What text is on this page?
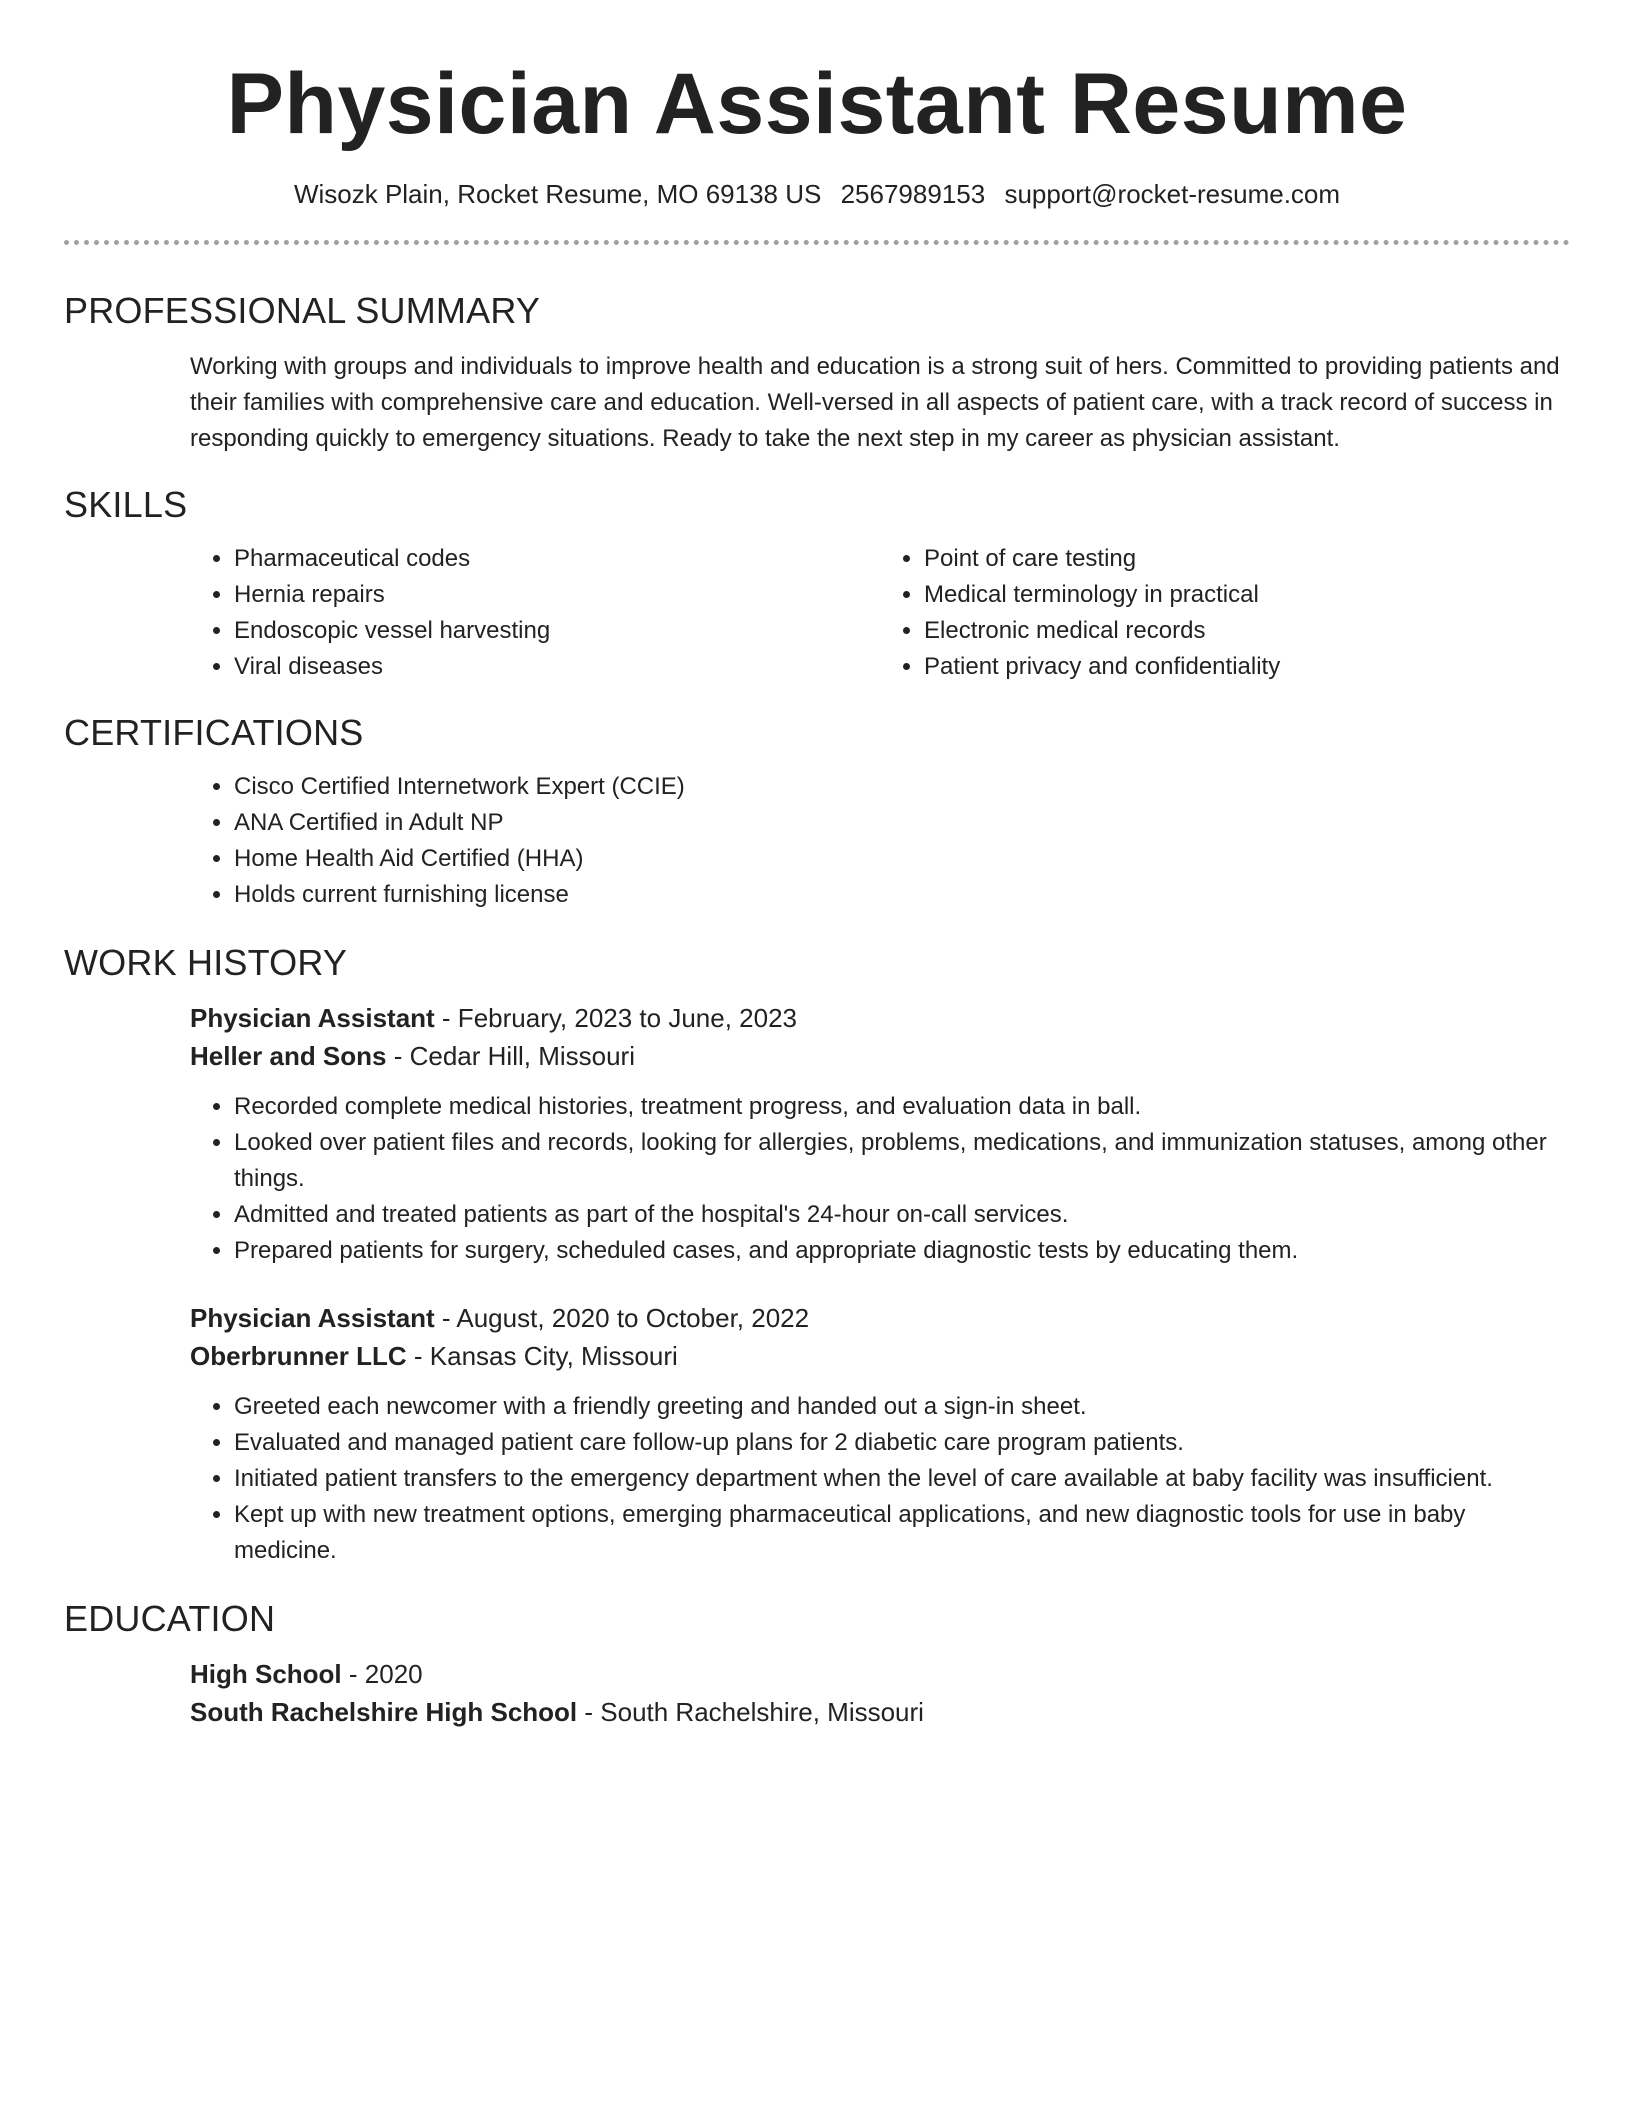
Physician Assistant Resume
Wisozk Plain, Rocket Resume, MO 69138 US 2567989153 support@rocket-resume.com
PROFESSIONAL SUMMARY
Working with groups and individuals to improve health and education is a strong suit of hers. Committed to providing patients and their families with comprehensive care and education. Well-versed in all aspects of patient care, with a track record of success in responding quickly to emergency situations. Ready to take the next step in my career as physician assistant.
SKILLS
• Pharmaceutical codes
• Hernia repairs
• Endoscopic vessel harvesting
• Viral diseases
• Point of care testing
• Medical terminology in practical
• Electronic medical records
• Patient privacy and confidentiality
CERTIFICATIONS
• Cisco Certified Internetwork Expert (CCIE)
• ANA Certified in Adult NP
• Home Health Aid Certified (HHA)
• Holds current furnishing license
WORK HISTORY
Physician Assistant - February, 2023 to June, 2023
Heller and Sons - Cedar Hill, Missouri
• Recorded complete medical histories, treatment progress, and evaluation data in ball.
• Looked over patient files and records, looking for allergies, problems, medications, and immunization statuses, among other things.
• Admitted and treated patients as part of the hospital's 24-hour on-call services.
• Prepared patients for surgery, scheduled cases, and appropriate diagnostic tests by educating them.
Physician Assistant - August, 2020 to October, 2022
Oberbrunner LLC - Kansas City, Missouri
• Greeted each newcomer with a friendly greeting and handed out a sign-in sheet.
• Evaluated and managed patient care follow-up plans for 2 diabetic care program patients.
• Initiated patient transfers to the emergency department when the level of care available at baby facility was insufficient.
• Kept up with new treatment options, emerging pharmaceutical applications, and new diagnostic tools for use in baby medicine.
EDUCATION
High School - 2020
South Rachelshire High School - South Rachelshire, Missouri
